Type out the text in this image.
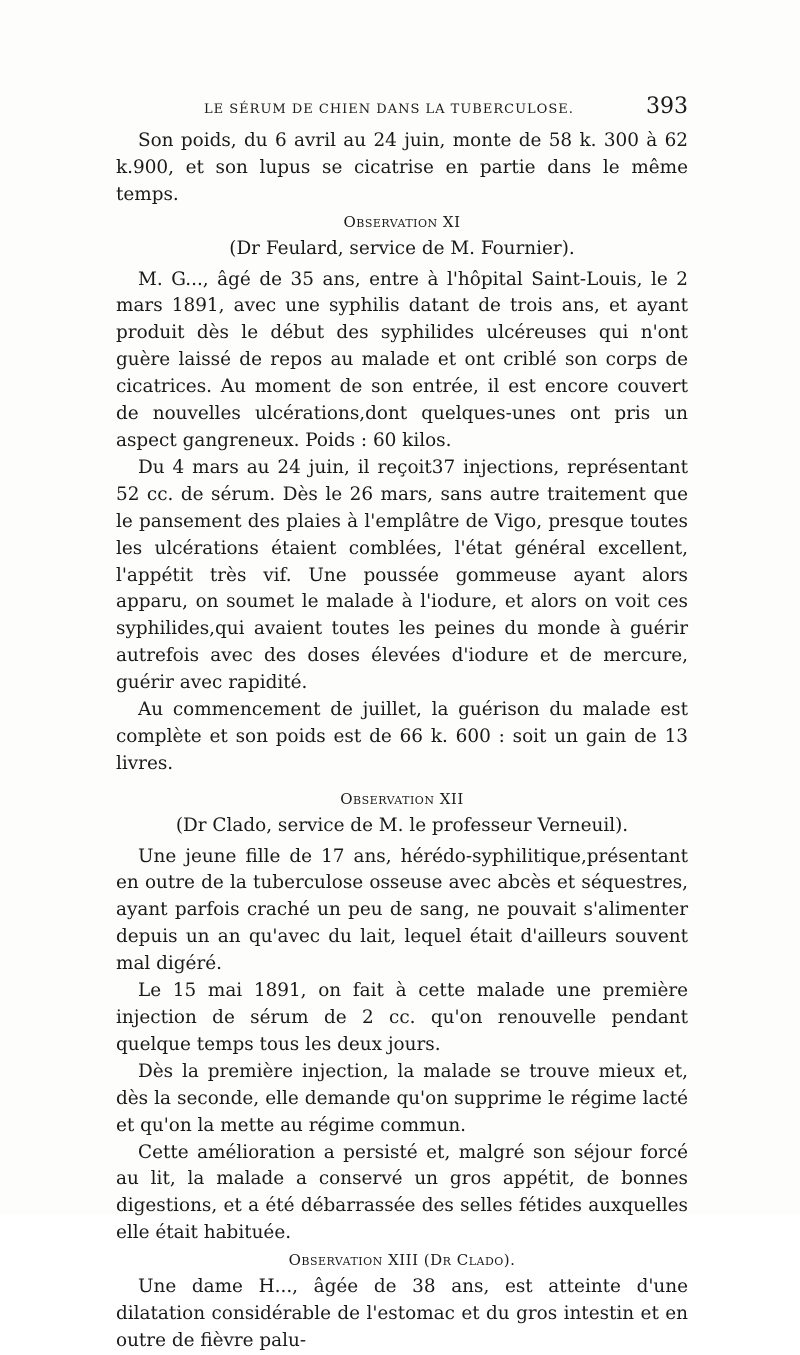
LE SÉRUM DE CHIEN DANS LA TUBERCULOSE.	393

Son poids, du 6 avril au 24 juin, monte de 58 k. 300 à 62 k.900, et son lupus se cicatrise en partie dans le même temps.

Observation XI

(Dr Feulard, service de M. Fournier).

M. G..., âgé de 35 ans, entre à l'hôpital Saint-Louis, le 2 mars 1891, avec une syphilis datant de trois ans, et ayant produit dès le début des syphilides ulcéreuses qui n'ont guère laissé de repos au malade et ont criblé son corps de cicatrices. Au moment de son entrée, il est encore couvert de nouvelles ulcérations,dont quelques-unes ont pris un aspect gangreneux. Poids : 60 kilos.

Du 4 mars au 24 juin, il reçoit37 injections, représentant 52 cc. de sérum. Dès le 26 mars, sans autre traitement que le pansement des plaies à l'emplâtre de Vigo, presque toutes les ulcérations étaient comblées, l'état général excellent, l'appétit très vif. Une poussée gommeuse ayant alors apparu, on soumet le malade à l'iodure, et alors on voit ces syphilides,qui avaient toutes les peines du monde à guérir autrefois avec des doses élevées d'iodure et de mercure, guérir avec rapidité.

Au commencement de juillet, la guérison du malade est complète et son poids est de 66 k. 600 : soit un gain de 13 livres.

Observation XII

(Dr Clado, service de M. le professeur Verneuil).

Une jeune fille de 17 ans, hérédo-syphilitique,présentant en outre de la tuberculose osseuse avec abcès et séquestres, ayant parfois craché un peu de sang, ne pouvait s'alimenter depuis un an qu'avec du lait, lequel était d'ailleurs souvent mal digéré.

Le 15 mai 1891, on fait à cette malade une première injection de sérum de 2 cc. qu'on renouvelle pendant quelque temps tous les deux jours.

Dès la première injection, la malade se trouve mieux et, dès la seconde, elle demande qu'on supprime le régime lacté et qu'on la mette au régime commun.

Cette amélioration a persisté et, malgré son séjour forcé au lit, la malade a conservé un gros appétit, de bonnes digestions, et a été débarrassée des selles fétides auxquelles elle était habituée.

Observation XIII (Dr Clado).

Une dame H..., âgée de 38 ans, est atteinte d'une dilatation considérable de l'estomac et du gros intestin et en outre de fièvre palu-
